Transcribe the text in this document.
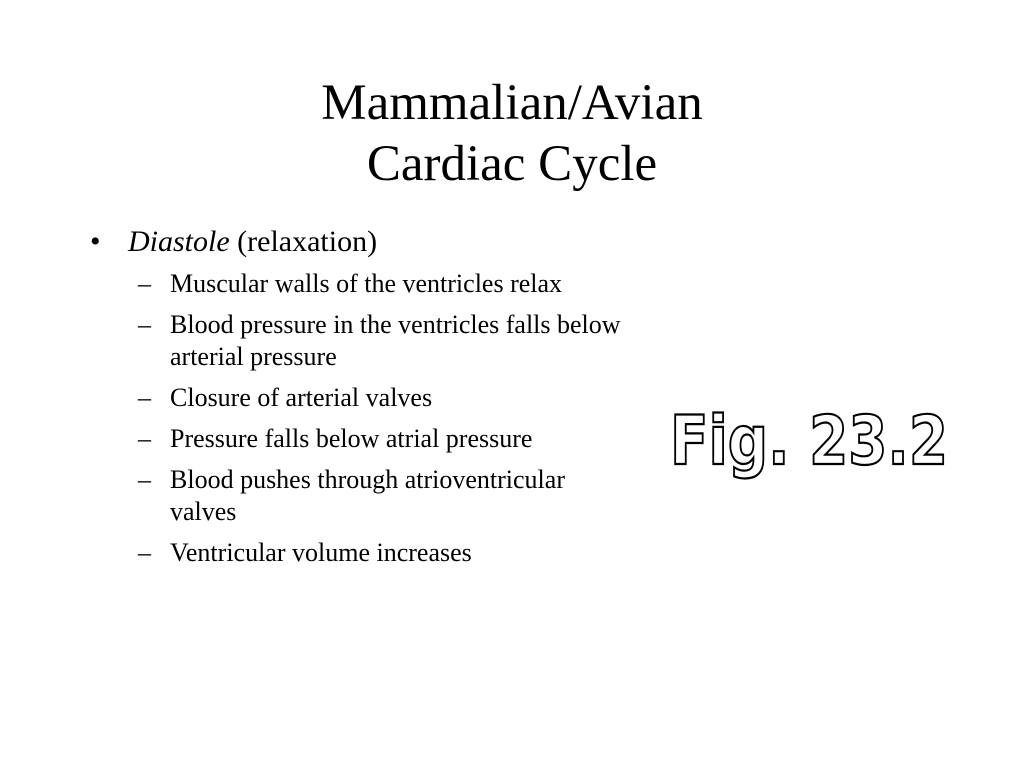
Mammalian/Avian
Cardiac Cycle
• Diastole (relaxation)
– Muscular walls of the ventricles relax
– Blood pressure in the ventricles falls below arterial pressure
– Closure of arterial valves
– Pressure falls below atrial pressure
– Blood pushes through atrioventricular valves
– Ventricular volume increases
Fig. 23.2
